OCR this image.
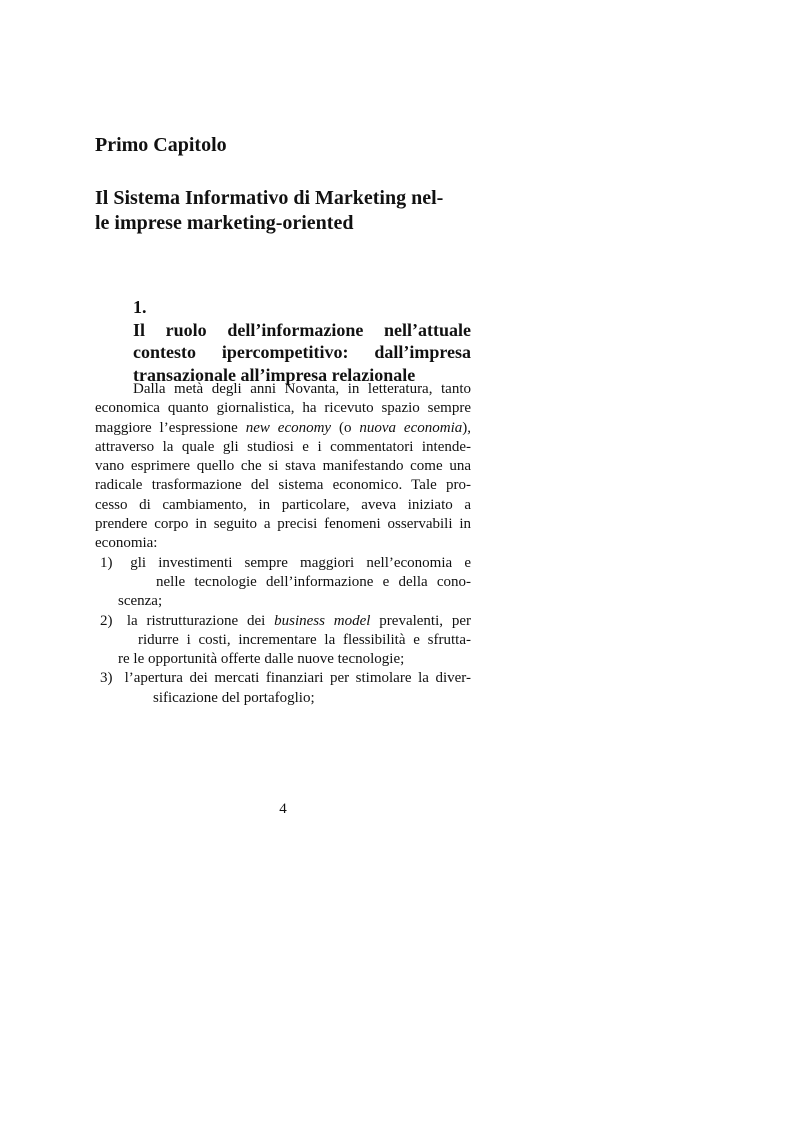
Primo Capitolo
Il Sistema Informativo di Marketing nel-
le imprese marketing-oriented
1.
Il ruolo dell’informazione nell’attuale
contesto ipercompetitivo: dall’impresa
transazionale all’impresa relazionale
Dalla metà degli anni Novanta, in letteratura, tanto
economica quanto giornalistica, ha ricevuto spazio sempre
maggiore l’espressione new economy (o nuova economia),
attraverso la quale gli studiosi e i commentatori intende-
vano esprimere quello che si stava manifestando come una
radicale trasformazione del sistema economico. Tale pro-
cesso di cambiamento, in particolare, aveva iniziato a
prendere corpo in seguito a precisi fenomeni osservabili in
economia:
1) gli investimenti sempre maggiori nell’economia e
nelle tecnologie dell’informazione e della cono-
scenza;
2) la ristrutturazione dei business model prevalenti, per
ridurre i costi, incrementare la flessibilità e sfrutta-
re le opportunità offerte dalle nuove tecnologie;
3) l’apertura dei mercati finanziari per stimolare la diver-
sificazione del portafoglio;
4
